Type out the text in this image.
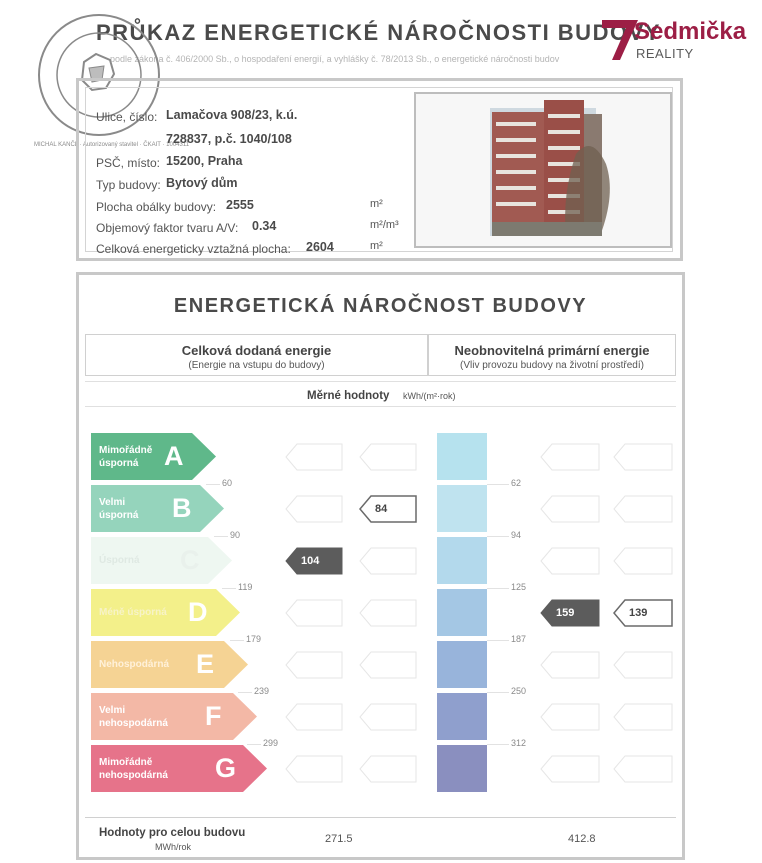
PRŮKAZ ENERGETICKÉ NÁROČNOSTI BUDOVY
podle zákona č. 406/2000 Sb., o hospodaření energií, a vyhlášky č. 78/2013 Sb., o energetické náročnosti budov
MICHAL KANČL · Autorizovaný stavitel · ČKAIT · 1004311
Sedmička
REALITY
Ulice, číslo: Lamačova 908/23, k.ú.
728837, p.č. 1040/108
PSČ, místo: 15200, Praha
Typ budovy: Bytový dům
Plocha obálky budovy: 2555	m²
Objemový faktor tvaru A/V: 0.34	m²/m³
Celková energeticky vztažná plocha: 2604	m²
ENERGETICKÁ NÁROČNOST BUDOVY
Celková dodaná energie
(Energie na vstupu do budovy)
Neobnovitelná primární energie
(Vliv provozu budovy na životní prostředí)
Měrné hodnoty kWh/(m²·rok)
Mimořádně
úsporná A
Velmi
úsporná B
Úsporná C
Méně úsporná D
Nehospodárná E
Velmi
nehospodárná F
Mimořádně
nehospodárná G
60
90
119
179
239
299
62
94
125
187
250
312
84
104
159	139
Hodnoty pro celou budovu
MWh/rok
271.5	412.8
